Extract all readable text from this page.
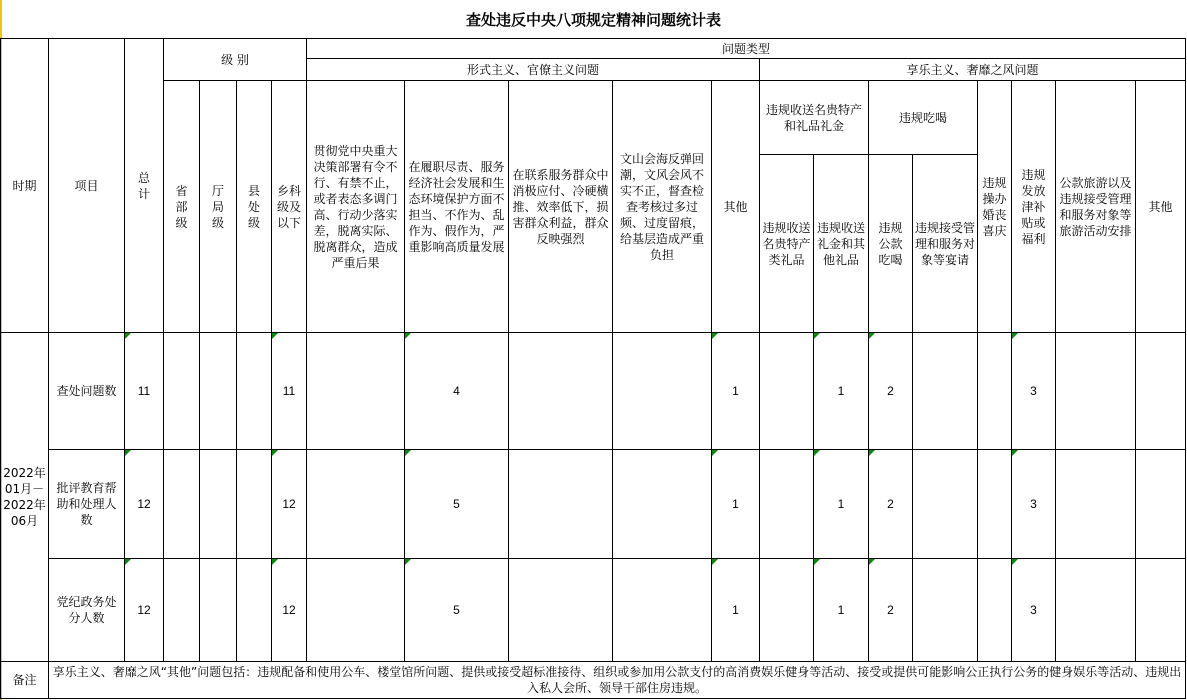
查处违反中央八项规定精神问题统计表
时期	项目	总计	级 别				问题类型												
							形式主义、官僚主义问题					享乐主义、奢靡之风问题							
			省部级	厅局级	县处级	乡科级及以下	贯彻党中央重大决策部署有令不行、有禁不止，或者表态多调门高、行动少落实差，脱离实际、脱离群众，造成严重后果	在履职尽责、服务经济社会发展和生态环境保护方面不担当、不作为、乱作为、假作为，严重影响高质量发展	在联系服务群众中消极应付、冷硬横推、效率低下，损害群众利益，群众反映强烈	文山会海反弹回潮，文风会风不实不正，督查检查考核过多过频、过度留痕，给基层造成严重负担	其他	违规收送名贵特产和礼品礼金		违规吃喝		违规操办婚丧喜庆	违规发放津补贴或福利	公款旅游以及违规接受管理和服务对象等旅游活动安排	其他
												违规收送名贵特产类礼品	违规收送礼金和其他礼品	违规公款吃喝	违规接受管理和服务对象等宴请				
2022年01月－2022年06月	查处问题数	11				11		4			1		1	2			3		
	批评教育帮助和处理人数	12				12		5			1		1	2			3		
	党纪政务处分人数	12				12		5			1		1	2			3		
备注	享乐主义、奢靡之风“其他”问题包括：违规配备和使用公车、楼堂馆所问题、提供或接受超标准接待、组织或参加用公款支付的高消费娱乐健身等活动、接受或提供可能影响公正执行公务的健身娱乐等活动、违规出入私人会所、领导干部住房违规。																		
